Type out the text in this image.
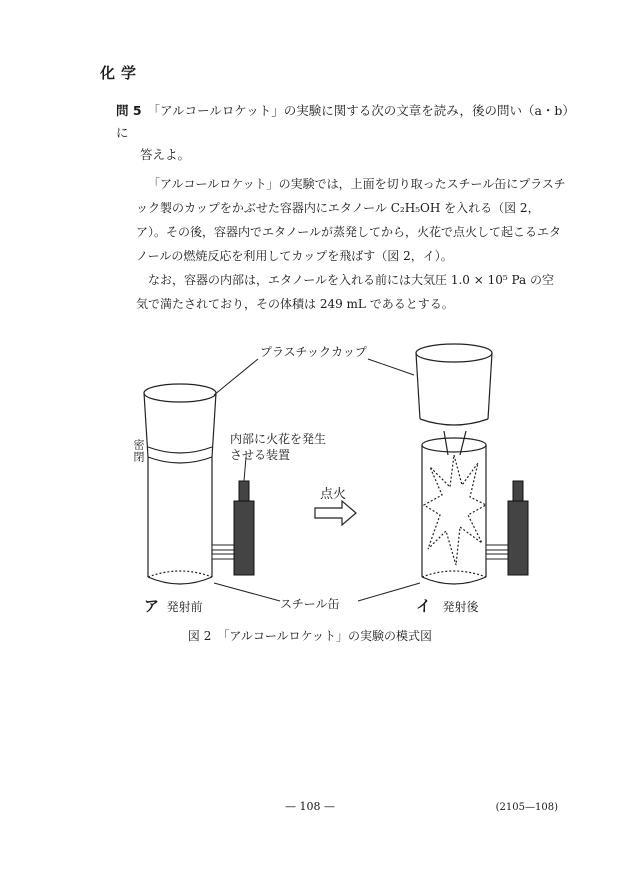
化学
問 5 「アルコールロケット」の実験に関する次の文章を読み，後の問い（a・b）に
答えよ。
「アルコールロケット」の実験では，上面を切り取ったスチール缶にプラスチック製のカップをかぶせた容器内にエタノール C₂H₅OH を入れる（図 2，ア）。その後，容器内でエタノールが蒸発してから，火花で点火して起こるエタノールの燃焼反応を利用してカップを飛ばす（図 2，イ）。
なお，容器の内部は，エタノールを入れる前には大気圧 1.0 × 10⁵ Pa の空気で満たされており，その体積は 249 mL であるとする。
プラスチックカップ
内部に火花を発生
させる装置
密閉
点火
スチール缶
ア 発射前	イ 発射後
図 2　「アルコールロケット」の実験の模式図
— 108 —	(2105—108)
